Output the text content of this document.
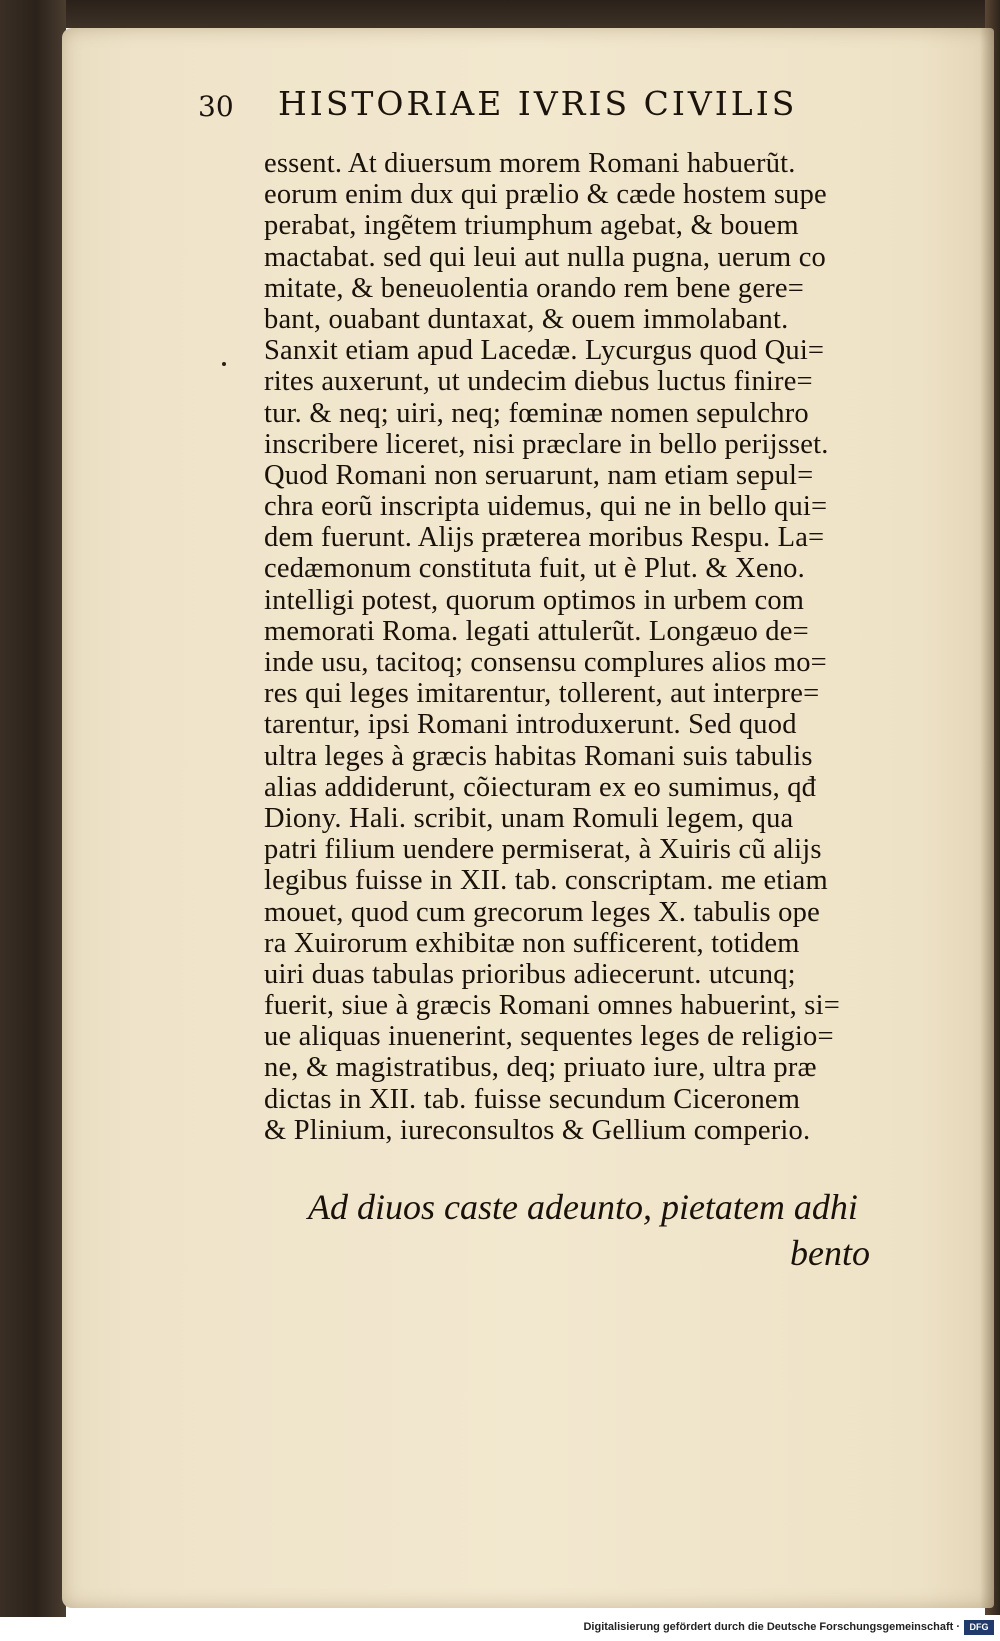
30 HISTORIAE IVRIS CIVILIS
essent. At diuersum morem Romani habuerũt.
eorum enim dux qui prælio & cæde hostem supe
perabat, ingẽtem triumphum agebat, & bouem
mactabat. sed qui leui aut nulla pugna, uerum co
mitate, & beneuolentia orando rem bene gere=
bant, ouabant duntaxat, & ouem immolabant.
Sanxit etiam apud Lacedæ. Lycurgus quod Qui=
rites auxerunt, ut undecim diebus luctus finire=
tur. & neq; uiri, neq; fœminæ nomen sepulchro
inscribere liceret, nisi præclare in bello perijsset.
Quod Romani non seruarunt, nam etiam sepul=
chra eorũ inscripta uidemus, qui ne in bello qui=
dem fuerunt. Alijs præterea moribus Respu. La=
cedæmonum constituta fuit, ut è Plut. & Xeno.
intelligi potest, quorum optimos in urbem com
memorati Roma. legati attulerũt. Longæuo de=
inde usu, tacitoq; consensu complures alios mo=
res qui leges imitarentur, tollerent, aut interpre=
tarentur, ipsi Romani introduxerunt. Sed quod
ultra leges à græcis habitas Romani suis tabulis
alias addiderunt, cõiecturam ex eo sumimus, qđ
Diony. Hali. scribit, unam Romuli legem, qua
patri filium uendere permiserat, à Xuiris cũ alijs
legibus fuisse in XII. tab. conscriptam. me etiam
mouet, quod cum grecorum leges X. tabulis ope
ra Xuirorum exhibitæ non sufficerent, totidem
uiri duas tabulas prioribus adiecerunt. utcunq;
fuerit, siue à græcis Romani omnes habuerint, si=
ue aliquas inuenerint, sequentes leges de religio=
ne, & magistratibus, deq; priuato iure, ultra præ
dictas in XII. tab. fuisse secundum Ciceronem
& Plinium, iureconsultos & Gellium comperio.
Ad diuos caste adeunto, pietatem adhi
bento
Digitalisierung gefördert durch die Deutsche Forschungsgemeinschaft ·	DFG
